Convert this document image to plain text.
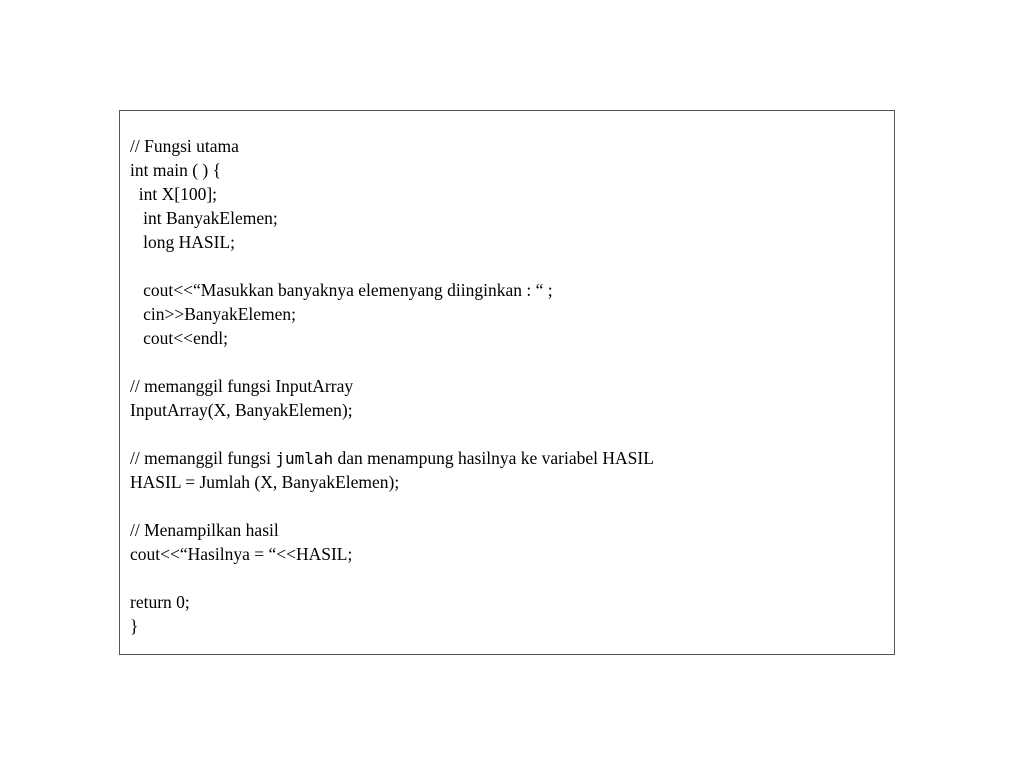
// Fungsi utama
int main ( ) {
int X[100];
int BanyakElemen;
long HASIL;
cout<<“Masukkan banyaknya elemenyang diinginkan : “ ;
cin>>BanyakElemen;
cout<<endl;
// memanggil fungsi InputArray
InputArray(X, BanyakElemen);
// memanggil fungsi jumlah dan menampung hasilnya ke variabel HASIL
HASIL = Jumlah (X, BanyakElemen);
// Menampilkan hasil
cout<<“Hasilnya = “<<HASIL;
return 0;
}
